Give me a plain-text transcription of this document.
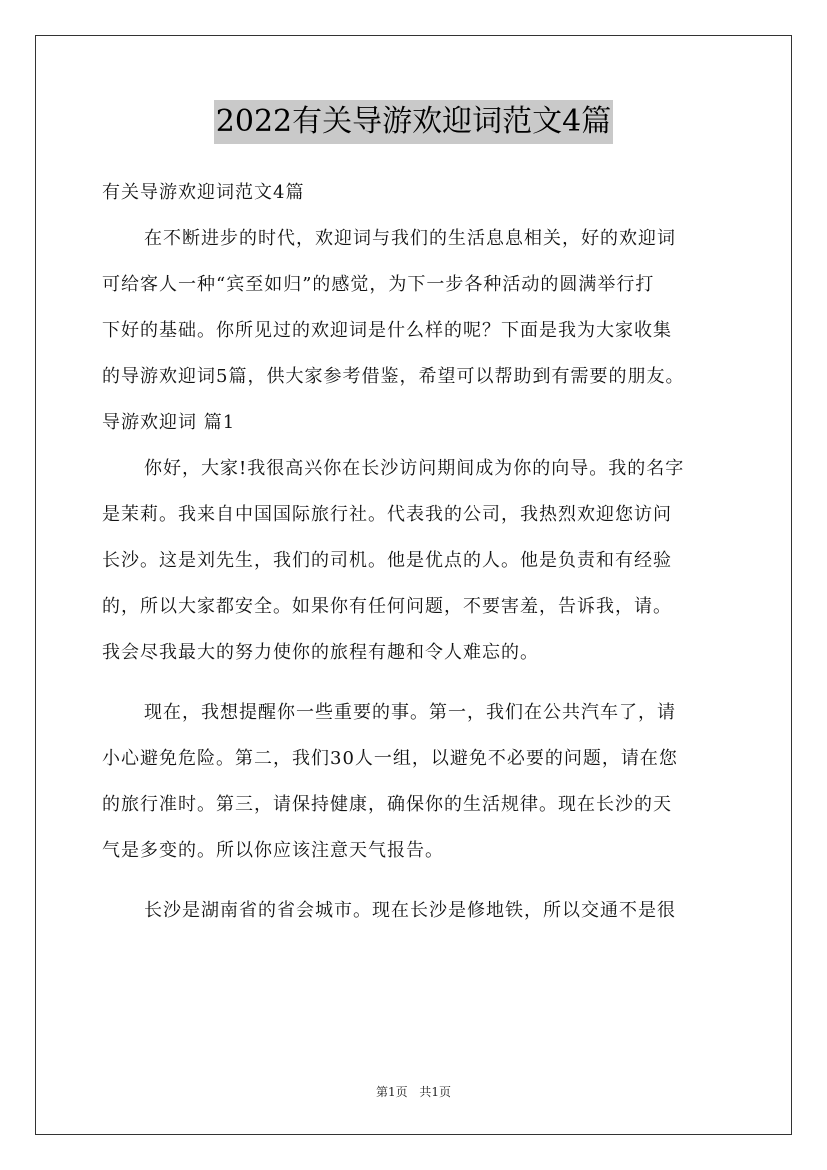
2022有关导游欢迎词范文4篇

有关导游欢迎词范文4篇

在不断进步的时代，欢迎词与我们的生活息息相关，好的欢迎词

可给客人一种“宾至如归”的感觉，为下一步各种活动的圆满举行打

下好的基础。你所见过的欢迎词是什么样的呢？下面是我为大家收集

的导游欢迎词5篇，供大家参考借鉴，希望可以帮助到有需要的朋友。

导游欢迎词 篇1

你好，大家!我很高兴你在长沙访问期间成为你的向导。我的名字

是茉莉。我来自中国国际旅行社。代表我的公司，我热烈欢迎您访问

长沙。这是刘先生，我们的司机。他是优点的人。他是负责和有经验

的，所以大家都安全。如果你有任何问题，不要害羞，告诉我，请。

我会尽我最大的努力使你的旅程有趣和令人难忘的。

现在，我想提醒你一些重要的事。第一，我们在公共汽车了，请

小心避免危险。第二，我们30人一组，以避免不必要的问题，请在您

的旅行准时。第三，请保持健康，确保你的生活规律。现在长沙的天

气是多变的。所以你应该注意天气报告。

长沙是湖南省的省会城市。现在长沙是修地铁，所以交通不是很

第1页 共1页
